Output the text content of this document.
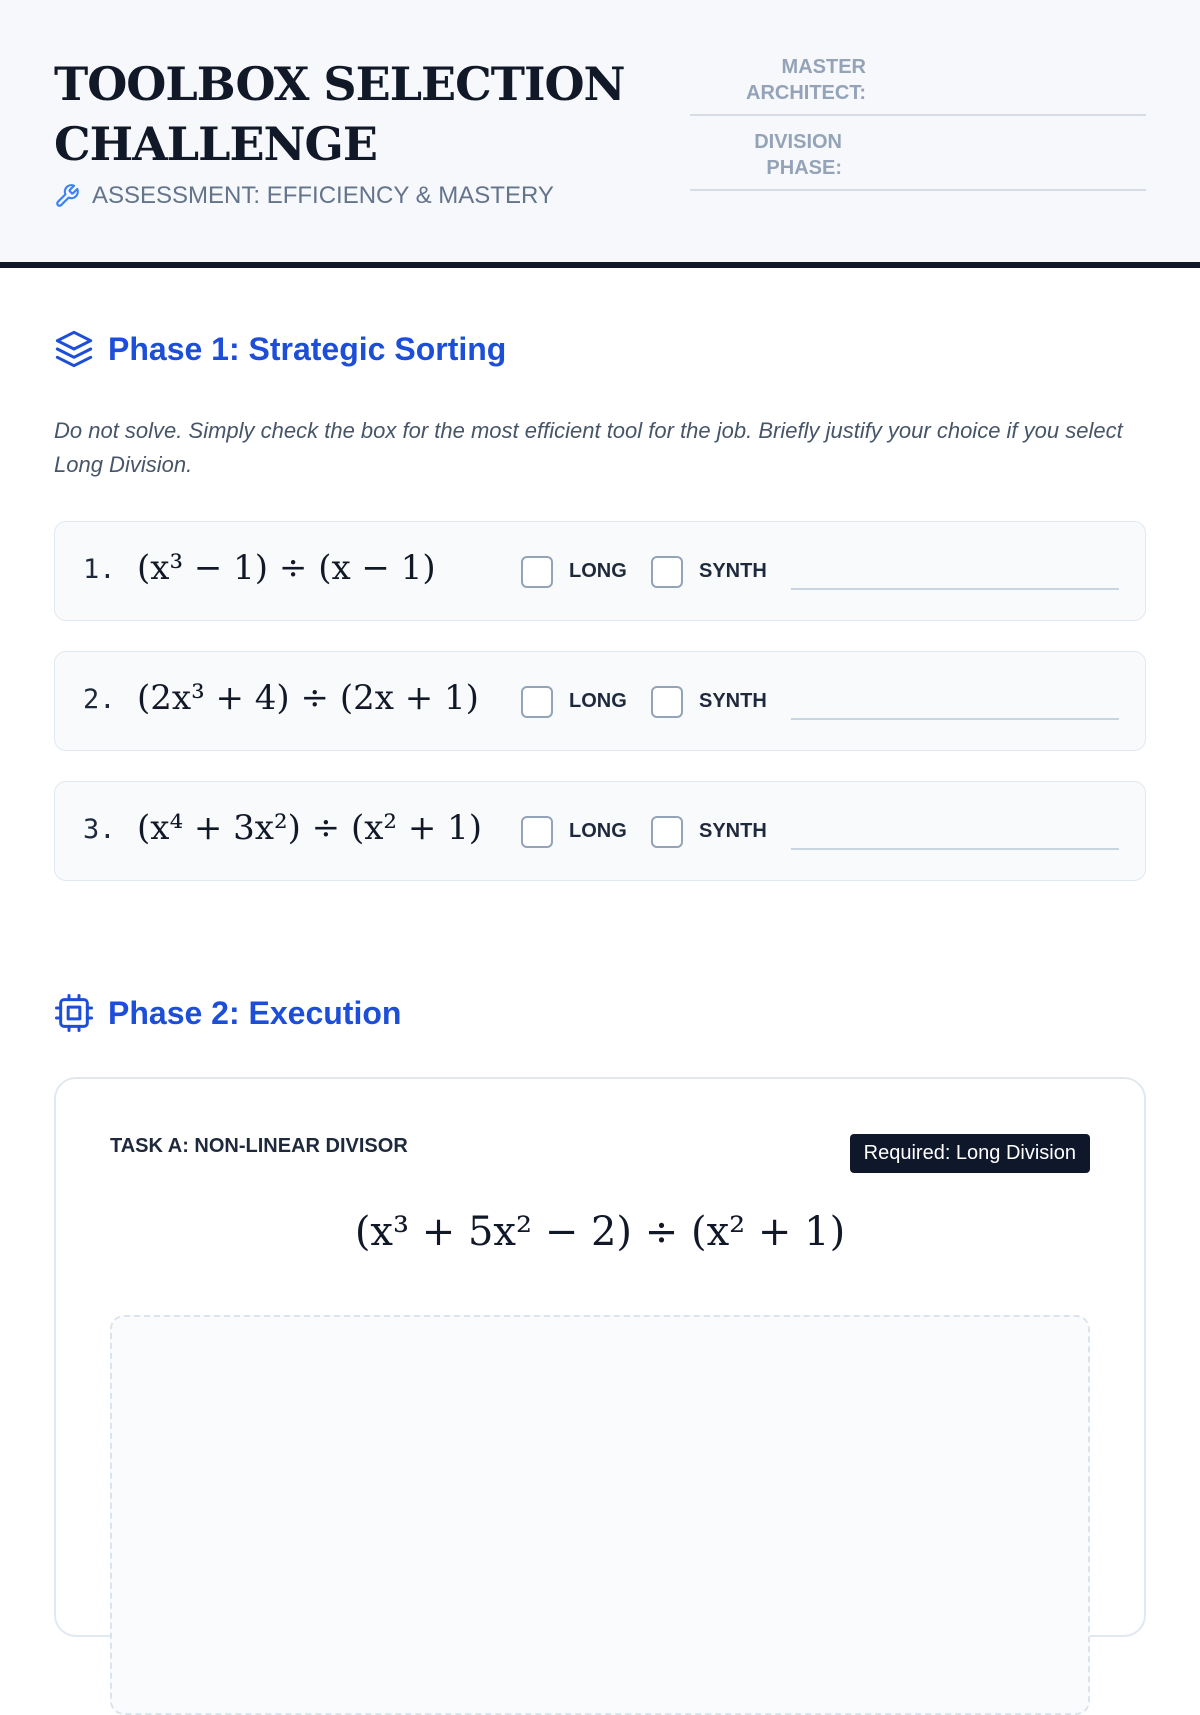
TOOLBOX SELECTION CHALLENGE
ASSESSMENT: EFFICIENCY & MASTERY
MASTER
ARCHITECT:
DIVISION
PHASE:
Phase 1: Strategic Sorting
Do not solve. Simply check the box for the most efficient tool for the job. Briefly justify your choice if you select Long Division.
1. (x³ − 1) ÷ (x − 1)	LONG	SYNTH
2. (2x³ + 4) ÷ (2x + 1)	LONG	SYNTH
3. (x⁴ + 3x²) ÷ (x² + 1)	LONG	SYNTH
Phase 2: Execution
TASK A: NON-LINEAR DIVISOR	Required: Long Division
(x³ + 5x² − 2) ÷ (x² + 1)
